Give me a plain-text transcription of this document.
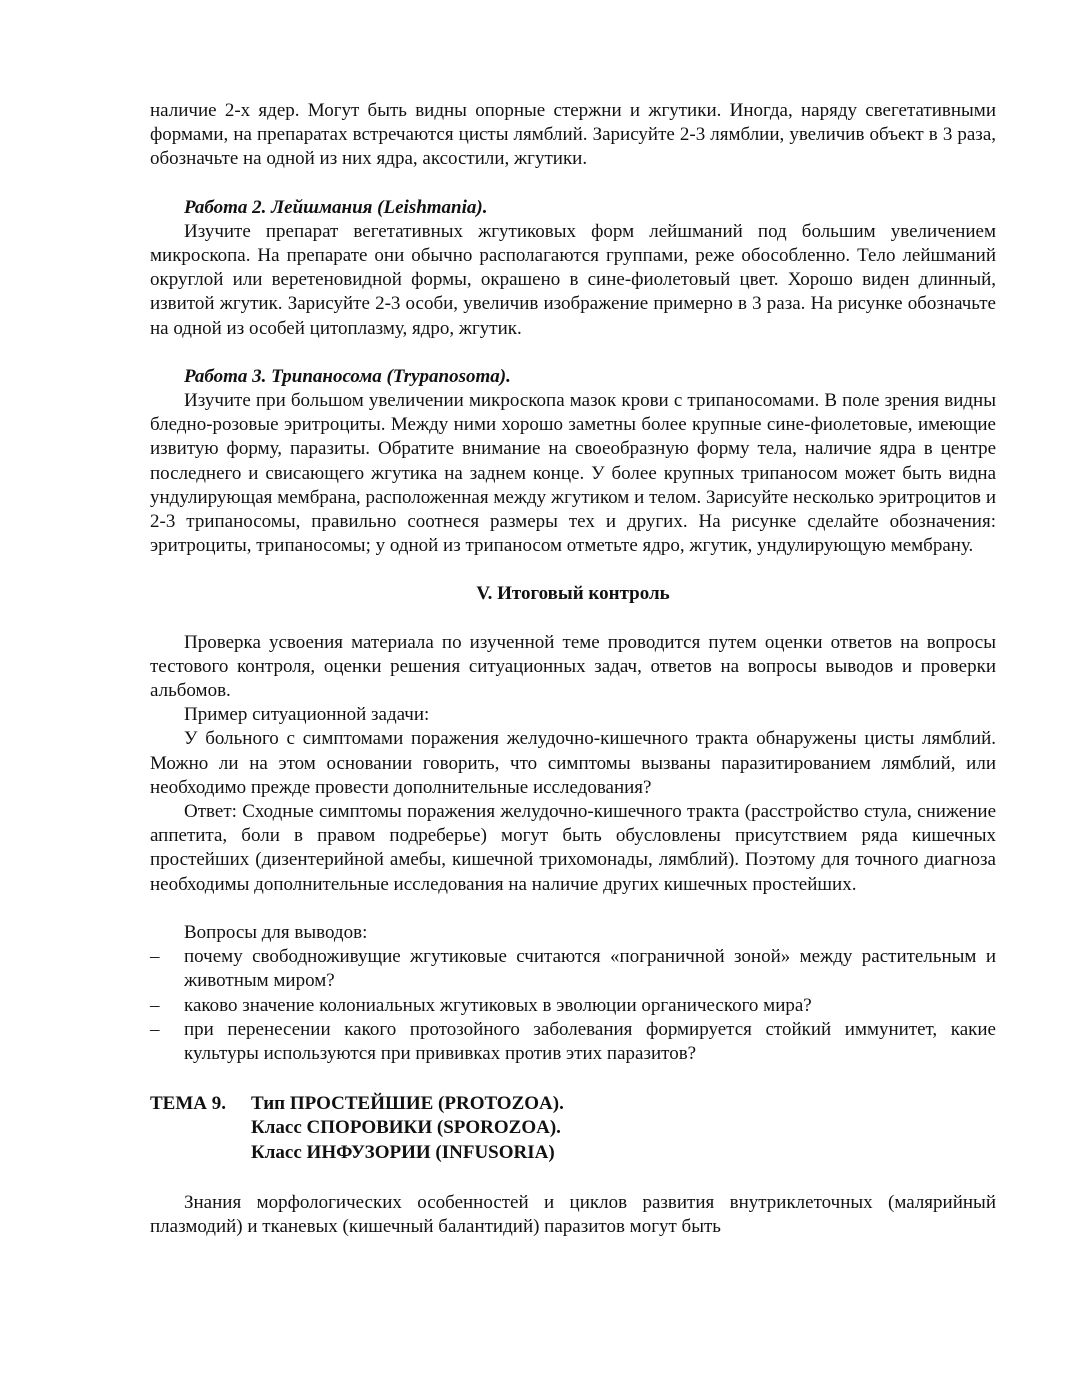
наличие 2-х ядер. Могут быть видны опорные стержни и жгутики. Иногда, наряду свегетативными формами, на препаратах встречаются цисты лямблий. Зарисуйте 2-3 лямблии, увеличив объект в 3 раза, обозначьте на одной из них ядра, аксостили, жгутики.

Работа 2. Лейшмания (Leishmania).

Изучите препарат вегетативных жгутиковых форм лейшманий под большим увеличением микроскопа. На препарате они обычно располагаются группами, реже обособленно. Тело лейшманий округлой или веретеновидной формы, окрашено в сине-фиолетовый цвет. Хорошо виден длинный, извитой жгутик. Зарисуйте 2-3 особи, увеличив изображение примерно в 3 раза. На рисунке обозначьте на одной из особей цитоплазму, ядро, жгутик.

Работа 3. Трипаносома (Trypanosoma).

Изучите при большом увеличении микроскопа мазок крови с трипаносомами. В поле зрения видны бледно-розовые эритроциты. Между ними хорошо заметны более крупные сине-фиолетовые, имеющие извитую форму, паразиты. Обратите внимание на своеобразную форму тела, наличие ядра в центре последнего и свисающего жгутика на заднем конце. У более крупных трипаносом может быть видна ундулирующая мембрана, расположенная между жгутиком и телом. Зарисуйте несколько эритроцитов и 2-3 трипаносомы, правильно соотнеся размеры тех и других. На рисунке сделайте обозначения: эритроциты, трипаносомы; у одной из трипаносом отметьте ядро, жгутик, ундулирующую мембрану.

V. Итоговый контроль

Проверка усвоения материала по изученной теме проводится путем оценки ответов на вопросы тестового контроля, оценки решения ситуационных задач, ответов на вопросы выводов и проверки альбомов.

Пример ситуационной задачи:

У больного с симптомами поражения желудочно-кишечного тракта обнаружены цисты лямблий. Можно ли на этом основании говорить, что симптомы вызваны паразитированием лямблий, или необходимо прежде провести дополнительные исследования?

Ответ: Сходные симптомы поражения желудочно-кишечного тракта (расстройство стула, снижение аппетита, боли в правом подреберье) могут быть обусловлены присутствием ряда кишечных простейших (дизентерийной амебы, кишечной трихомонады, лямблий). Поэтому для точного диагноза необходимы дополнительные исследования на наличие других кишечных простейших.

Вопросы для выводов:

– почему свободноживущие жгутиковые считаются «пограничной зоной» между растительным и животным миром?

– каково значение колониальных жгутиковых в эволюции органического мира?

– при перенесении какого протозойного заболевания формируется стойкий иммунитет, какие культуры используются при прививках против этих паразитов?

ТЕМА 9.	Тип ПРОСТЕЙШИЕ (PROTOZOA).
Класс СПОРОВИКИ (SPOROZOA).
Класс ИНФУЗОРИИ (INFUSORIA)

Знания морфологических особенностей и циклов развития внутриклеточных (малярийный плазмодий) и тканевых (кишечный балантидий) паразитов могут быть
